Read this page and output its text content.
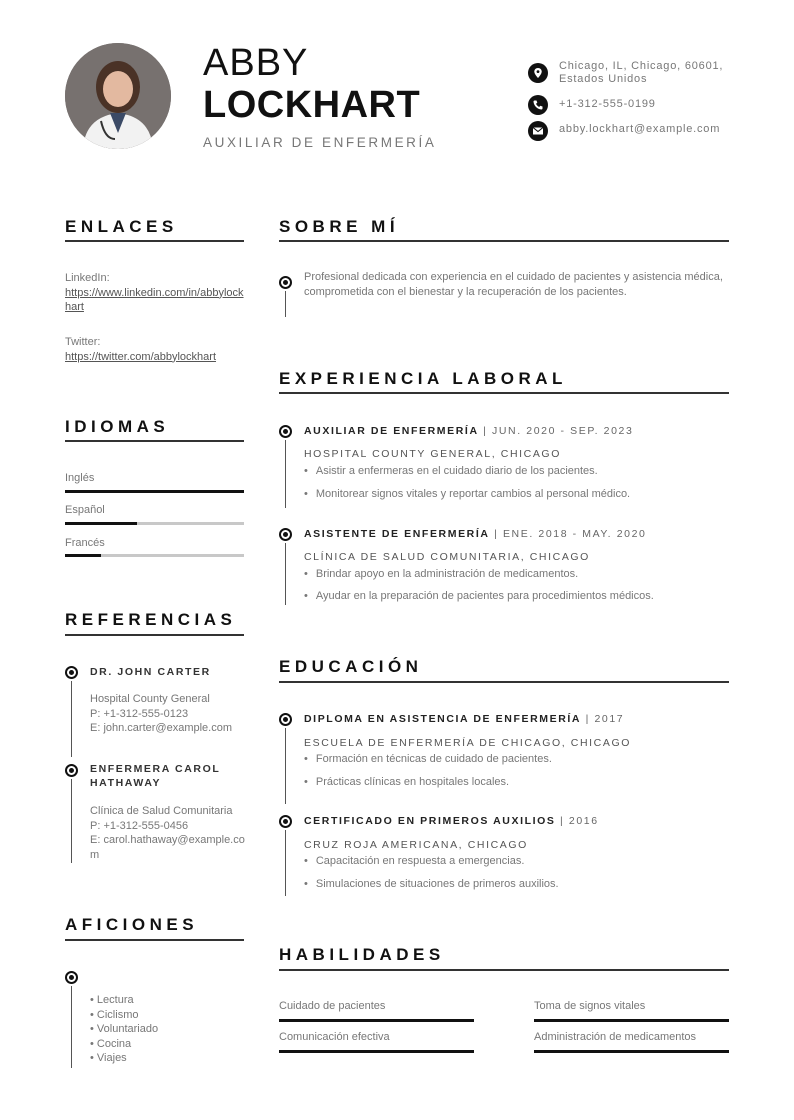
ABBY
LOCKHART
AUXILIAR DE ENFERMERÍA
Chicago, IL, Chicago, 60601, Estados Unidos
+1-312-555-0199
abby.lockhart@example.com
ENLACES
LinkedIn:
https://www.linkedin.com/in/abbylockhart
Twitter:
https://twitter.com/abbylockhart
IDIOMAS
Inglés
Español
Francés
REFERENCIAS
DR. JOHN CARTER
Hospital County General
P: +1-312-555-0123
E: john.carter@example.com
ENFERMERA CAROL HATHAWAY
Clínica de Salud Comunitaria
P: +1-312-555-0456
E: carol.hathaway@example.com
AFICIONES
• Lectura
• Ciclismo
• Voluntariado
• Cocina
• Viajes
SOBRE MÍ
Profesional dedicada con experiencia en el cuidado de pacientes y asistencia médica, comprometida con el bienestar y la recuperación de los pacientes.
EXPERIENCIA LABORAL
AUXILIAR DE ENFERMERÍA | JUN. 2020 - SEP. 2023
HOSPITAL COUNTY GENERAL, CHICAGO
• Asistir a enfermeras en el cuidado diario de los pacientes.
• Monitorear signos vitales y reportar cambios al personal médico.
ASISTENTE DE ENFERMERÍA | ENE. 2018 - MAY. 2020
CLÍNICA DE SALUD COMUNITARIA, CHICAGO
• Brindar apoyo en la administración de medicamentos.
• Ayudar en la preparación de pacientes para procedimientos médicos.
EDUCACIÓN
DIPLOMA EN ASISTENCIA DE ENFERMERÍA | 2017
ESCUELA DE ENFERMERÍA DE CHICAGO, CHICAGO
• Formación en técnicas de cuidado de pacientes.
• Prácticas clínicas en hospitales locales.
CERTIFICADO EN PRIMEROS AUXILIOS | 2016
CRUZ ROJA AMERICANA, CHICAGO
• Capacitación en respuesta a emergencias.
• Simulaciones de situaciones de primeros auxilios.
HABILIDADES
Cuidado de pacientes	Toma de signos vitales
Comunicación efectiva	Administración de medicamentos
